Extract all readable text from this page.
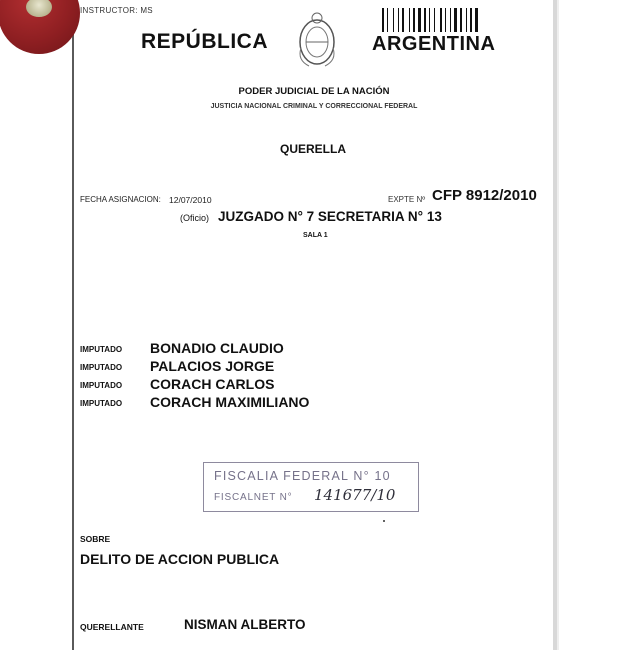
INSTRUCTOR: MS
REPÚBLICA	ARGENTINA
PODER JUDICIAL DE LA NACIÓN
JUSTICIA NACIONAL CRIMINAL Y CORRECCIONAL FEDERAL
QUERELLA
FECHA ASIGNACION: 12/07/2010	EXPTE Nº CFP 8912/2010
(Oficio) JUZGADO N° 7 SECRETARIA N° 13
SALA 1
IMPUTADO BONADIO CLAUDIO
IMPUTADO PALACIOS JORGE
IMPUTADO CORACH CARLOS
IMPUTADO CORACH MAXIMILIANO
FISCALIA FEDERAL N° 10
FISCALNET N° 141677/10
SOBRE
DELITO DE ACCION PUBLICA
QUERELLANTE	NISMAN ALBERTO
